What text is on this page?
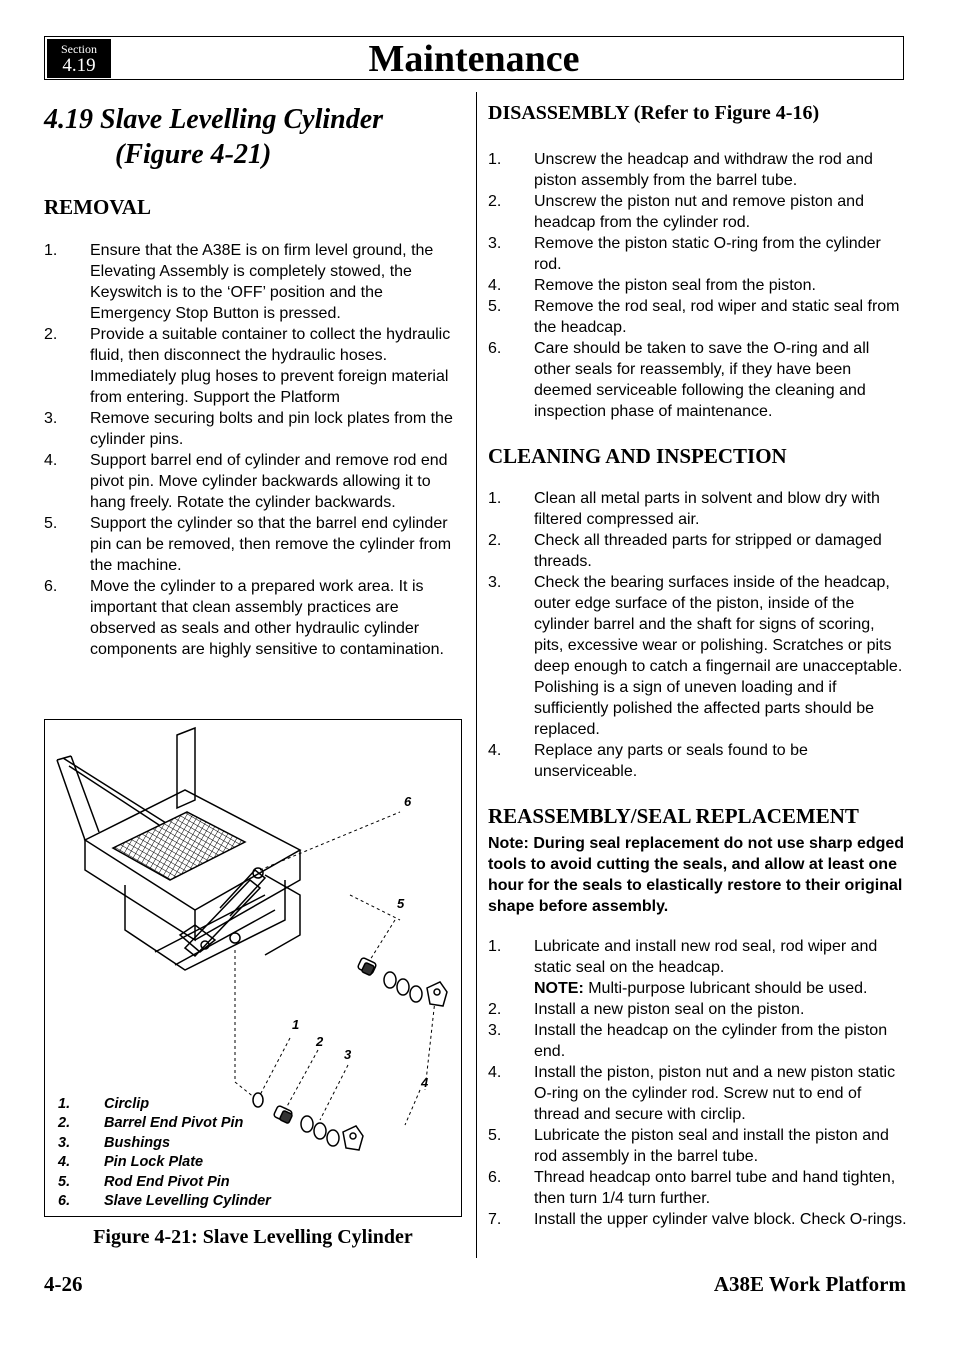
Section
4.19	Maintenance
4.19 Slave Levelling Cylinder
(Figure 4-21)
REMOVAL
1. Ensure that the A38E is on firm level ground, the Elevating Assembly is completely stowed, the Keyswitch is to the ‘OFF’ position and the Emergency Stop Button is pressed.
2. Provide a suitable container to collect the hydraulic fluid, then disconnect the hydraulic hoses. Immediately plug hoses to prevent foreign material from entering. Support the Platform
3. Remove securing bolts and pin lock plates from the cylinder pins.
4. Support barrel end of cylinder and remove rod end pivot pin. Move cylinder backwards allowing it to hang freely. Rotate the cylinder backwards.
5. Support the cylinder so that the barrel end cylinder pin can be removed, then remove the cylinder from the machine.
6. Move the cylinder to a prepared work area. It is important that clean assembly practices are observed as seals and other hydraulic cylinder components are highly sensitive to contamination.
6
5
1
2
3
4
1. Circlip
2. Barrel End Pivot Pin
3. Bushings
4. Pin Lock Plate
5. Rod End Pivot Pin
6. Slave Levelling Cylinder
Figure 4-21: Slave Levelling Cylinder
DISASSEMBLY (Refer to Figure 4-16)
1. Unscrew the headcap and withdraw the rod and piston assembly from the barrel tube.
2. Unscrew the piston nut and remove piston and headcap from the cylinder rod.
3. Remove the piston static O-ring from the cylinder rod.
4. Remove the piston seal from the piston.
5. Remove the rod seal, rod wiper and static seal from the headcap.
6. Care should be taken to save the O-ring and all other seals for reassembly, if they have been deemed serviceable following the cleaning and inspection phase of maintenance.
CLEANING AND INSPECTION
1. Clean all metal parts in solvent and blow dry with filtered compressed air.
2. Check all threaded parts for stripped or damaged threads.
3. Check the bearing surfaces inside of the headcap, outer edge surface of the piston, inside of the cylinder barrel and the shaft for signs of scoring, pits, excessive wear or polishing. Scratches or pits deep enough to catch a fingernail are unacceptable. Polishing is a sign of uneven loading and if sufficiently polished the affected parts should be replaced.
4. Replace any parts or seals found to be unserviceable.
REASSEMBLY/SEAL REPLACEMENT

Note: During seal replacement do not use sharp edged tools to avoid cutting the seals, and allow at least one hour for the seals to elastically restore to their original shape before assembly.

1. Lubricate and install new rod seal, rod wiper and static seal on the headcap.
NOTE: Multi-purpose lubricant should be used.
2. Install a new piston seal on the piston.
3. Install the headcap on the cylinder from the piston end.
4. Install the piston, piston nut and a new piston static O-ring on the cylinder rod. Screw nut to end of thread and secure with circlip.
5. Lubricate the piston seal and install the piston and rod assembly in the barrel tube.
6. Thread headcap onto barrel tube and hand tighten, then turn 1/4 turn further.
7. Install the upper cylinder valve block. Check O-rings.
4-26	A38E Work Platform
